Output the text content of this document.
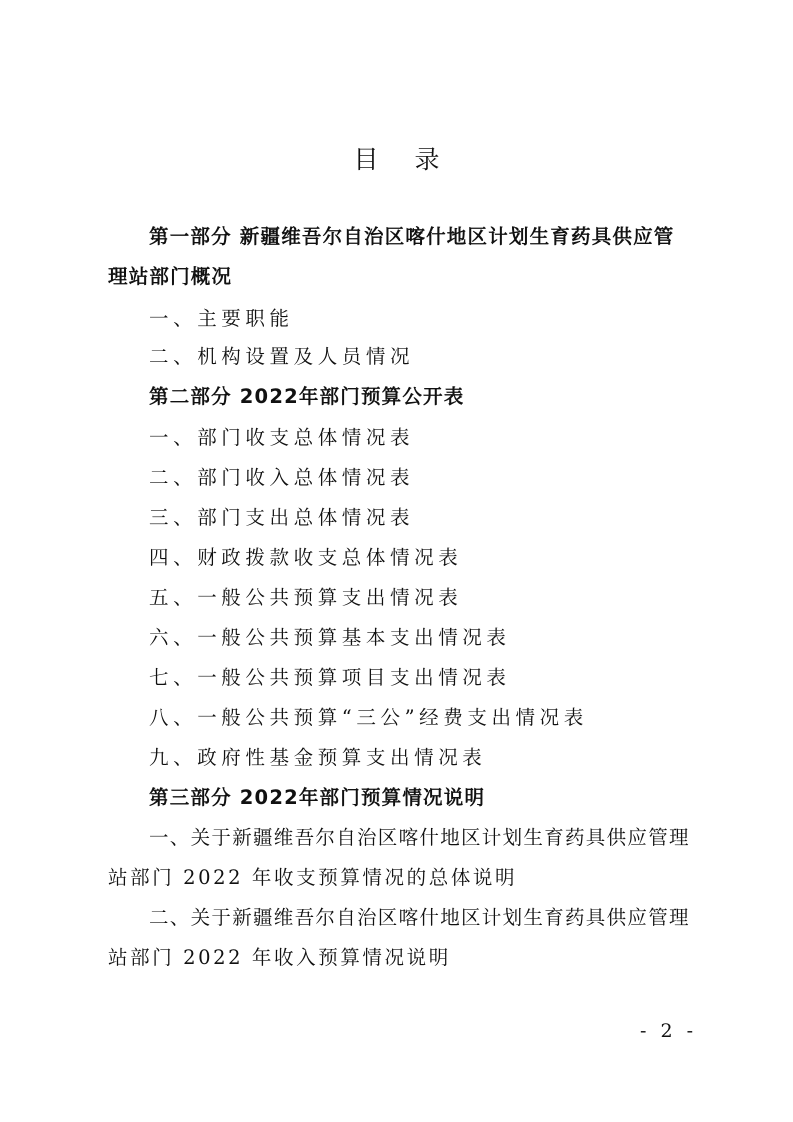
目 录
第一部分 新疆维吾尔自治区喀什地区计划生育药具供应管
理站部门概况
一、主要职能
二、机构设置及人员情况
第二部分 2022年部门预算公开表
一、部门收支总体情况表
二、部门收入总体情况表
三、部门支出总体情况表
四、财政拨款收支总体情况表
五、一般公共预算支出情况表
六、一般公共预算基本支出情况表
七、一般公共预算项目支出情况表
八、一般公共预算“三公”经费支出情况表
九、政府性基金预算支出情况表
第三部分 2022年部门预算情况说明
一、关于新疆维吾尔自治区喀什地区计划生育药具供应管理
站部门 2022 年收支预算情况的总体说明
二、关于新疆维吾尔自治区喀什地区计划生育药具供应管理
站部门 2022 年收入预算情况说明
- 2 -
